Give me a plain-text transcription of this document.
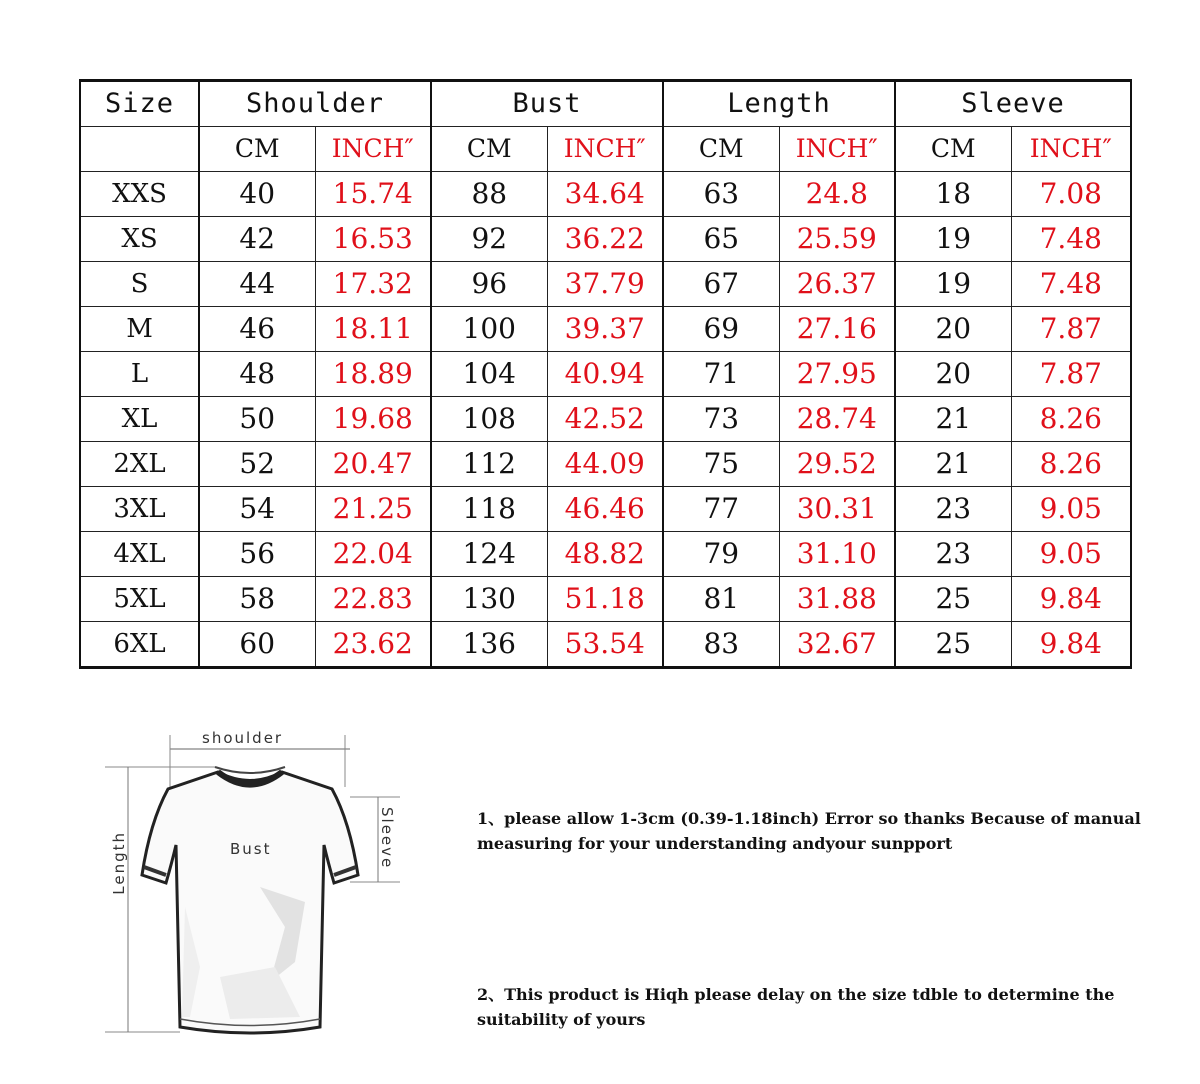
Size	Shoulder		Bust		Length		Sleeve	
	CM	INCH″	CM	INCH″	CM	INCH″	CM	INCH″
XXS	40	15.74	88	34.64	63	24.8	18	7.08
XS	42	16.53	92	36.22	65	25.59	19	7.48
S	44	17.32	96	37.79	67	26.37	19	7.48
M	46	18.11	100	39.37	69	27.16	20	7.87
L	48	18.89	104	40.94	71	27.95	20	7.87
XL	50	19.68	108	42.52	73	28.74	21	8.26
2XL	52	20.47	112	44.09	75	29.52	21	8.26
3XL	54	21.25	118	46.46	77	30.31	23	9.05
4XL	56	22.04	124	48.82	79	31.10	23	9.05
5XL	58	22.83	130	51.18	81	31.88	25	9.84
6XL	60	23.62	136	53.54	83	32.67	25	9.84
shoulder
Bust	Sleeve
Length

1、please allow 1-3cm (0.39-1.18inch) Error so thanks Because of manual measuring for your understanding andyour sunpport

2、This product is Hiqh please delay on the size tdble to determine the suitability of yours
